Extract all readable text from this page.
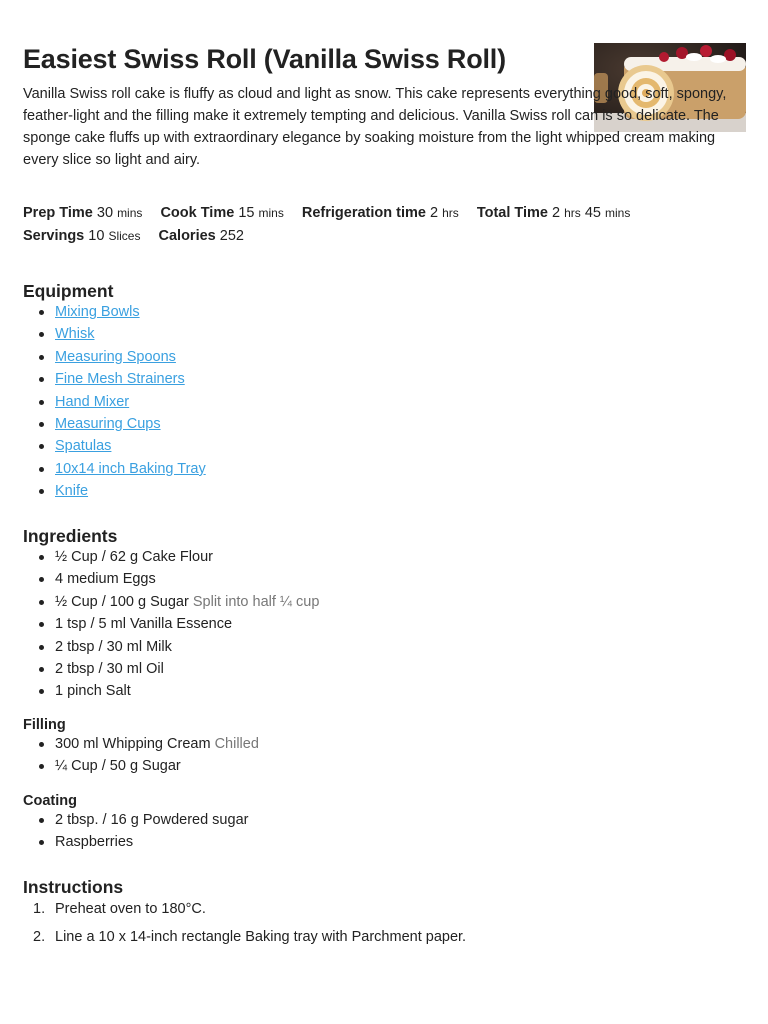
Easiest Swiss Roll (Vanilla Swiss Roll)
Vanilla Swiss roll cake is fluffy as cloud and light as snow. This cake represents everything good, soft, spongy, feather-light and the filling make it extremely tempting and delicious. Vanilla Swiss roll can is so delicate. The sponge cake fluffs up with extraordinary elegance by soaking moisture from the light whipped cream making every slice so light and airy.
Prep Time 30 mins Cook Time 15 mins Refrigeration time 2 hrs Total Time 2 hrs 45 mins
Servings 10 Slices Calories 252
Equipment
Mixing Bowls
Whisk
Measuring Spoons
Fine Mesh Strainers
Hand Mixer
Measuring Cups
Spatulas
10x14 inch Baking Tray
Knife
Ingredients
½ Cup / 62 g Cake Flour
4 medium Eggs
½ Cup / 100 g Sugar Split into half ¼ cup
1 tsp / 5 ml Vanilla Essence
2 tbsp / 30 ml Milk
2 tbsp / 30 ml Oil
1 pinch Salt
Filling
300 ml Whipping Cream Chilled
¼ Cup / 50 g Sugar
Coating
2 tbsp. / 16 g Powdered sugar
Raspberries
Instructions
1. Preheat oven to 180°C.
2. Line a 10 x 14-inch rectangle Baking tray with Parchment paper.
